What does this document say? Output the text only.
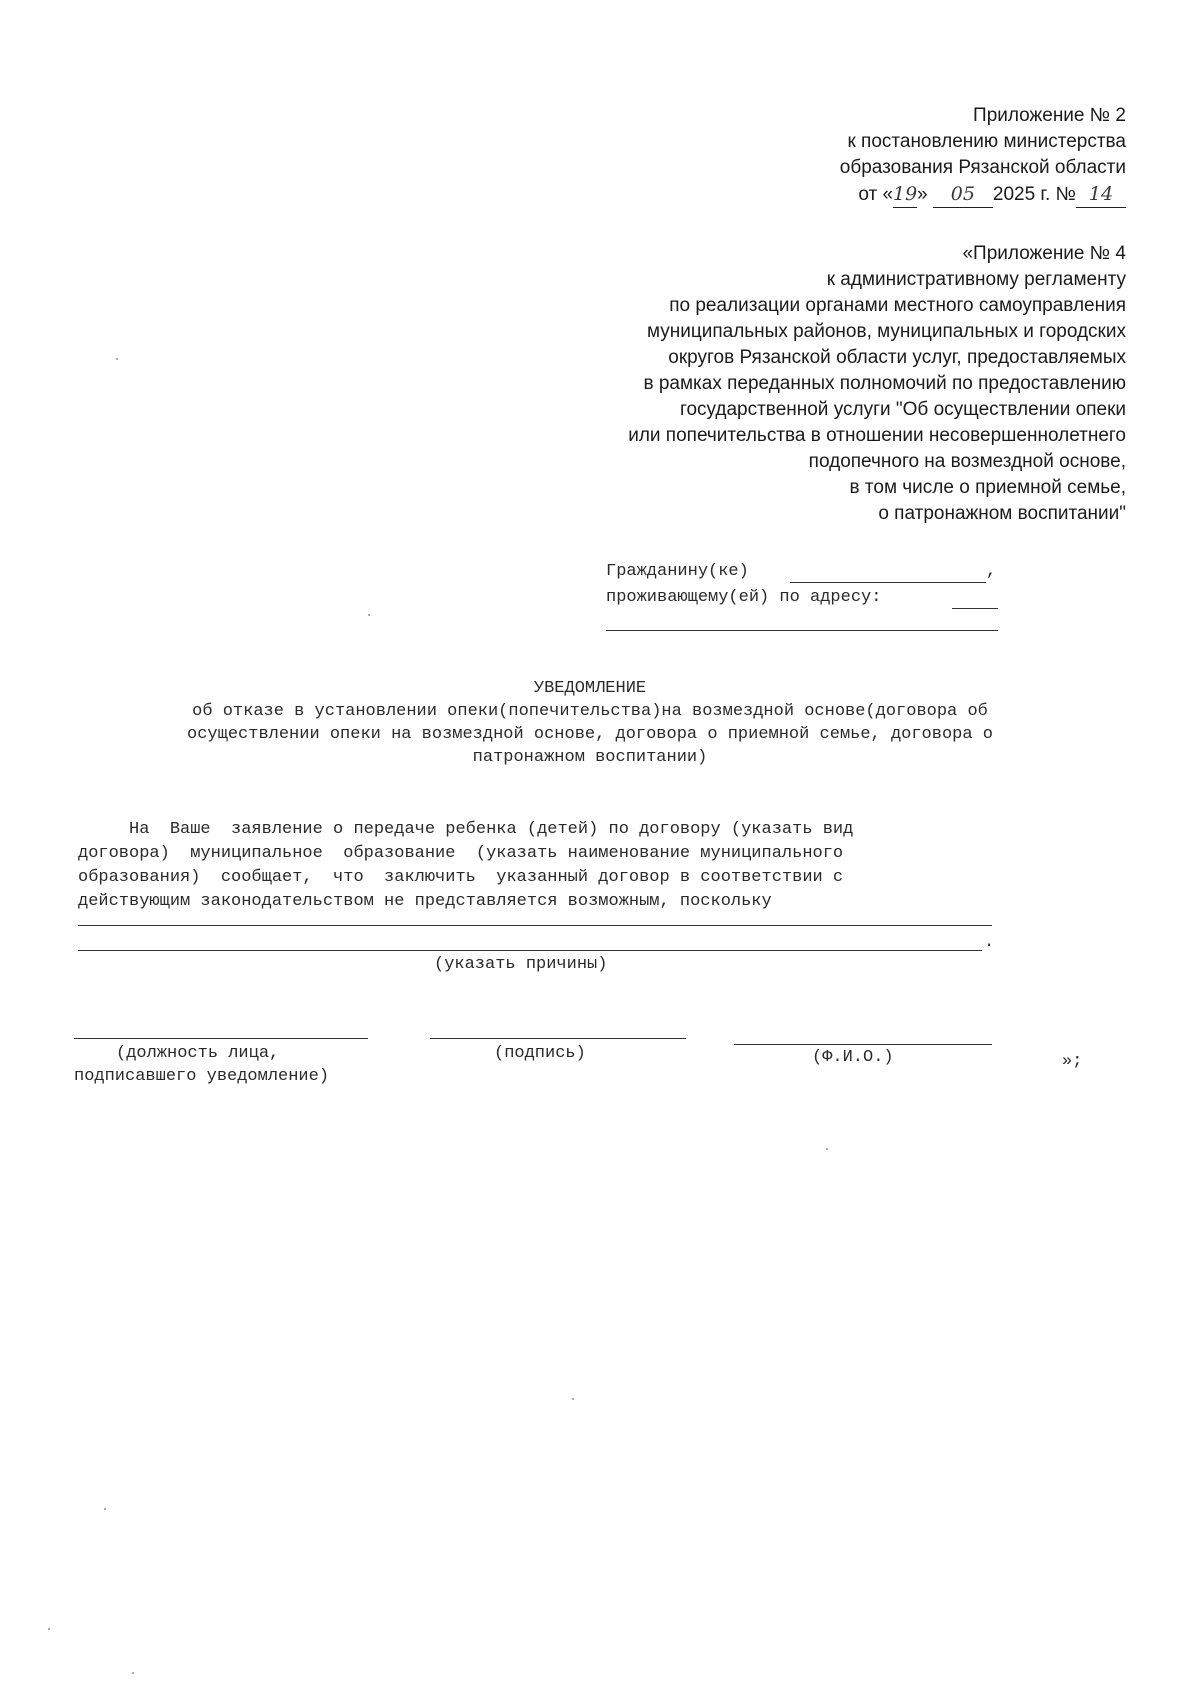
Приложение № 2
к постановлению министерства
образования Рязанской области
от «19» 05 2025 г. № 14
«Приложение № 4
к административному регламенту
по реализации органами местного самоуправления
муниципальных районов, муниципальных и городских
округов Рязанской области услуг, предоставляемых
в рамках переданных полномочий по предоставлению
государственной услуги "Об осуществлении опеки
или попечительства в отношении несовершеннолетнего
подопечного на возмездной основе,
в том числе о приемной семье,
о патронажном воспитании"
Гражданину(ке)	,
проживающему(ей) по адресу:
УВЕДОМЛЕНИЕ
об отказе в установлении опеки(попечительства)на возмездной основе(договора об
осуществлении опеки на возмездной основе, договора о приемной семье, договора о
патронажном воспитании)
На  Ваше  заявление о передаче ребенка (детей) по договору (указать вид
договора)  муниципальное  образование  (указать наименование муниципального
образования)  сообщает,  что  заключить  указанный договор в соответствии с
действующим законодательством не представляется возможным, поскольку
.
(указать причины)
(должность лица,
подписавшего уведомление)
(подпись)	(Ф.И.О.)	»;
